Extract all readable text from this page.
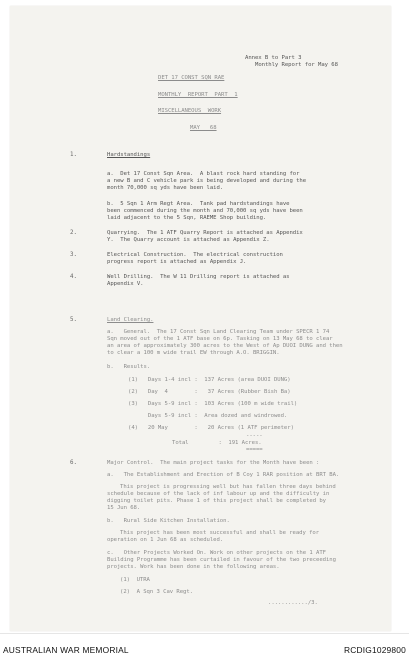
Annex B to Part 3
Monthly Report for May 68
DET 17 CONST SQN RAE
MONTHLY  REPORT  PART  1
MISCELLANEOUS  WORK
MAY   68
1.	Hardstandings
a.  Det 17 Const Sqn Area.  A blast rock hard standing for
a new B and C vehicle park is being developed and during the
month 70,000 sq yds have been laid.
b.  5 Sqn 1 Arm Regt Area.  Tank pad hardstandings have
been commenced during the month and 70,000 sq yds have been
laid adjacent to the 5 Sqn, RAEME Shop building.
2.	Quarrying.  The 1 ATF Quarry Report is attached as Appendix
Y.  The Quarry account is attached as Appendix Z.
3.	Electrical Construction.  The electrical construction
progress report is attached as Appendix J.
4.	Well Drilling.  The W 11 Drilling report is attached as
Appendix V.
5.	Land Clearing.
a.   General.  The 17 Const Sqn Land Clearing Team under SPECR 1 74
Sqn moved out of the 1 ATF base on 6p. Tasking on 13 May 68 to clear
an area of approximately 300 acres to the West of Ap DUOI DUNG and then
to clear a 100 m wide trail EW through A.O. BRIGGIN.
b.   Results.
(1)   Days 1-4 incl :  137 Acres (area DUOI DUNG)
(2)   Day  4        :   37 Acres (Rubber Bish Ba)
(3)   Days 5-9 incl :  103 Acres (100 m wide trail)
Days 5-9 incl :  Area dozed and windrowed.
(4)   20 May        :   20 Acres (1 ATF perimeter)
-----
Total         :  191 Acres.
=====
6.	Major Control.  The main project tasks for the Month have been :
a.   The Establishment and Erection of B Coy 1 RAR position at BRT BA.
This project is progressing well but has fallen three days behind
schedule because of the lack of inf labour up and the difficulty in
digging toilet pits. Phase 1 of this project shall be completed by
15 Jun 68.
b.   Rural Side Kitchen Installation.
This project has been most successful and shall be ready for
operation on 1 Jun 68 as scheduled.
c.   Other Projects Worked On. Work on other projects on the 1 ATF
Building Programme has been curtailed in favour of the two preceeding
projects. Work has been done in the following areas.
(1)  UTRA
(2)  A Sqn 3 Cav Regt.
............/3.
AUSTRALIAN WAR MEMORIAL	RCDIG1029800
